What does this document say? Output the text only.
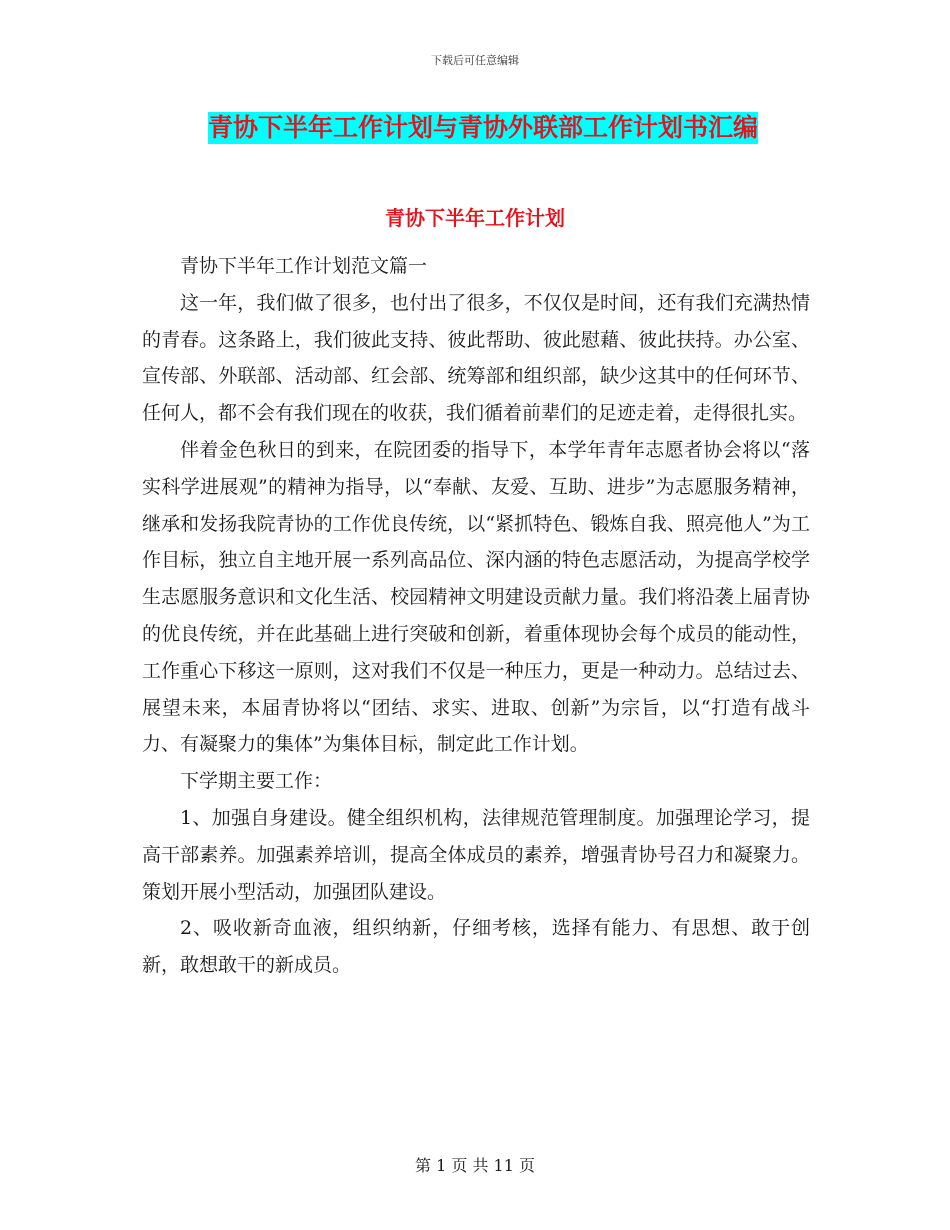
下载后可任意编辑
青协下半年工作计划与青协外联部工作计划书汇编
青协下半年工作计划

青协下半年工作计划范文篇一

这一年，我们做了很多，也付出了很多，不仅仅是时间，还有我们充满热情的青春。这条路上，我们彼此支持、彼此帮助、彼此慰藉、彼此扶持。办公室、宣传部、外联部、活动部、红会部、统筹部和组织部，缺少这其中的任何环节、任何人，都不会有我们现在的收获，我们循着前辈们的足迹走着，走得很扎实。

伴着金色秋日的到来，在院团委的指导下，本学年青年志愿者协会将以“落实科学进展观”的精神为指导，以“奉献、友爱、互助、进步”为志愿服务精神，继承和发扬我院青协的工作优良传统，以“紧抓特色、锻炼自我、照亮他人”为工作目标，独立自主地开展一系列高品位、深内涵的特色志愿活动，为提高学校学生志愿服务意识和文化生活、校园精神文明建设贡献力量。我们将沿袭上届青协的优良传统，并在此基础上进行突破和创新，着重体现协会每个成员的能动性，工作重心下移这一原则，这对我们不仅是一种压力，更是一种动力。总结过去、展望未来，本届青协将以“团结、求实、进取、创新”为宗旨，以“打造有战斗力、有凝聚力的集体”为集体目标，制定此工作计划。

下学期主要工作：

1、加强自身建设。健全组织机构，法律规范管理制度。加强理论学习，提高干部素养。加强素养培训，提高全体成员的素养，增强青协号召力和凝聚力。策划开展小型活动，加强团队建设。

2、吸收新奇血液，组织纳新，仔细考核，选择有能力、有思想、敢于创新，敢想敢干的新成员。

第 1 页 共 11 页
